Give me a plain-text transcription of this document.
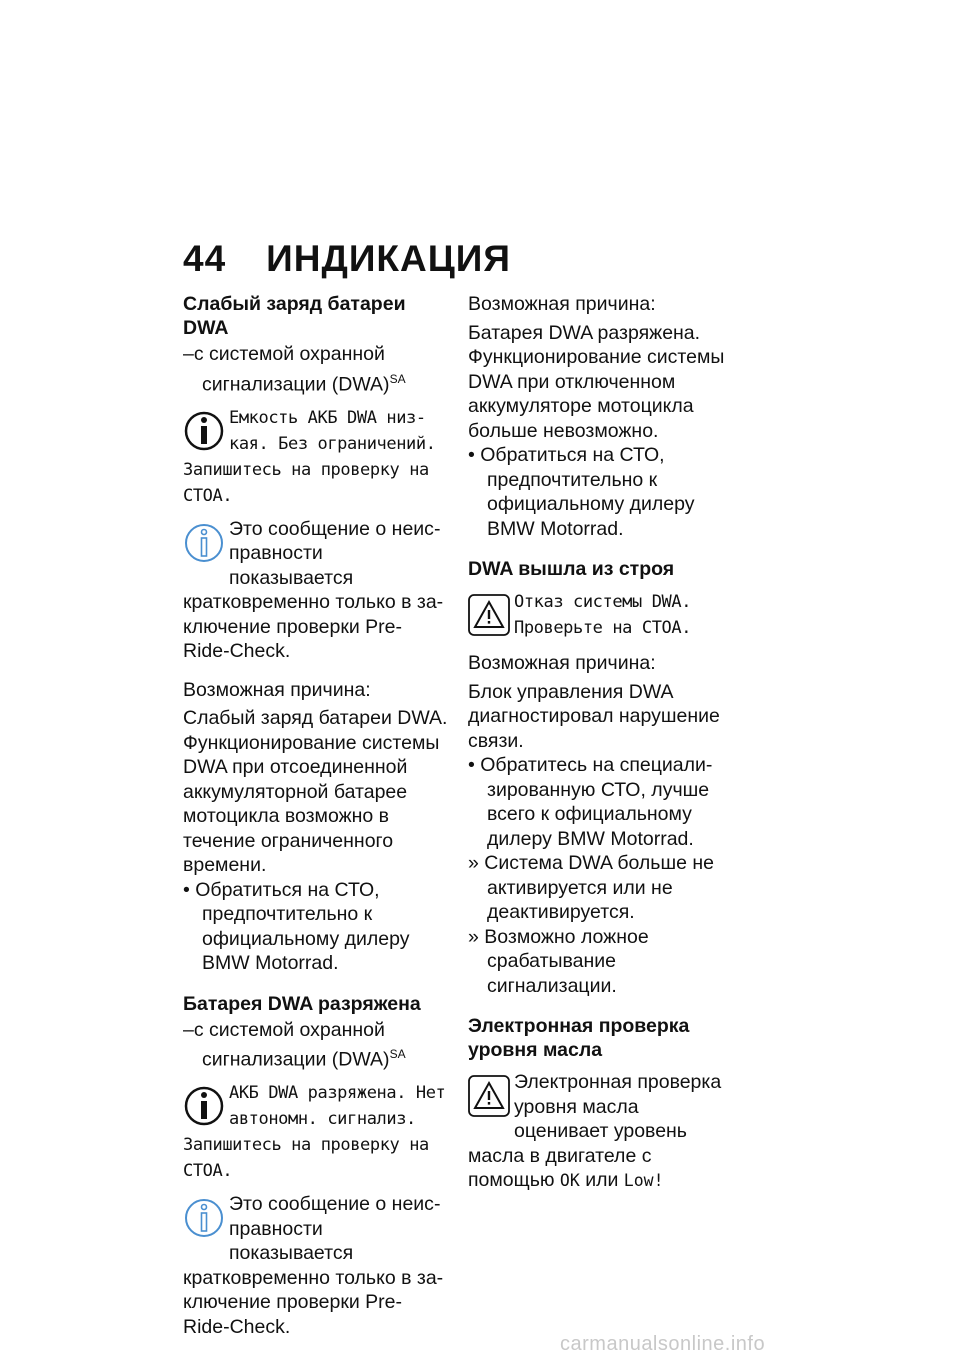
44 ИНДИКАЦИЯ
Слабый заряд батареи DWA

–с системой охранной сигнализации (DWA)$^{SA}$

Емкость АКБ DWA низкая. Без ограничений. Запишитесь на проверку на СТОА.
Это сообщение о неисправности показывается кратковременно только в заключение проверки Pre-Ride-Check.

Возможная причина:

Слабый заряд батареи DWA. Функционирование системы DWA при отсоединенной аккумуляторной батарее мотоцикла возможно в течение ограниченного времени.

• Обратиться на СТО, предпочтительно к официальному дилеру BMW Motorrad.

Батарея DWA разряжена

–с системой охранной сигнализации (DWA)$^{SA}$

АКБ DWA разряжена. Нет автономн. сигнализ. Запишитесь на проверку на СТОА.
Это сообщение о неисправности показывается кратковременно только в заключение проверки Pre-Ride-Check.

Возможная причина:

Батарея DWA разряжена. Функционирование системы DWA при отключенном аккумуляторе мотоцикла больше невозможно.

• Обратиться на СТО, предпочтительно к официальному дилеру BMW Motorrad.

DWA вышла из строя
Отказ системы DWA. Проверьте на СТОА.

Возможная причина:

Блок управления DWA диагностировал нарушение связи.

• Обратитесь на специализированную СТО, лучше всего к официальному дилеру BMW Motorrad.

» Система DWA больше не активируется или не деактивируется.

» Возможно ложное срабатывание сигнализации.

Электронная проверка уровня масла
Электронная проверка уровня масла оценивает уровень масла в двигателе с помощью OK или Low!
carmanualsonline.info
